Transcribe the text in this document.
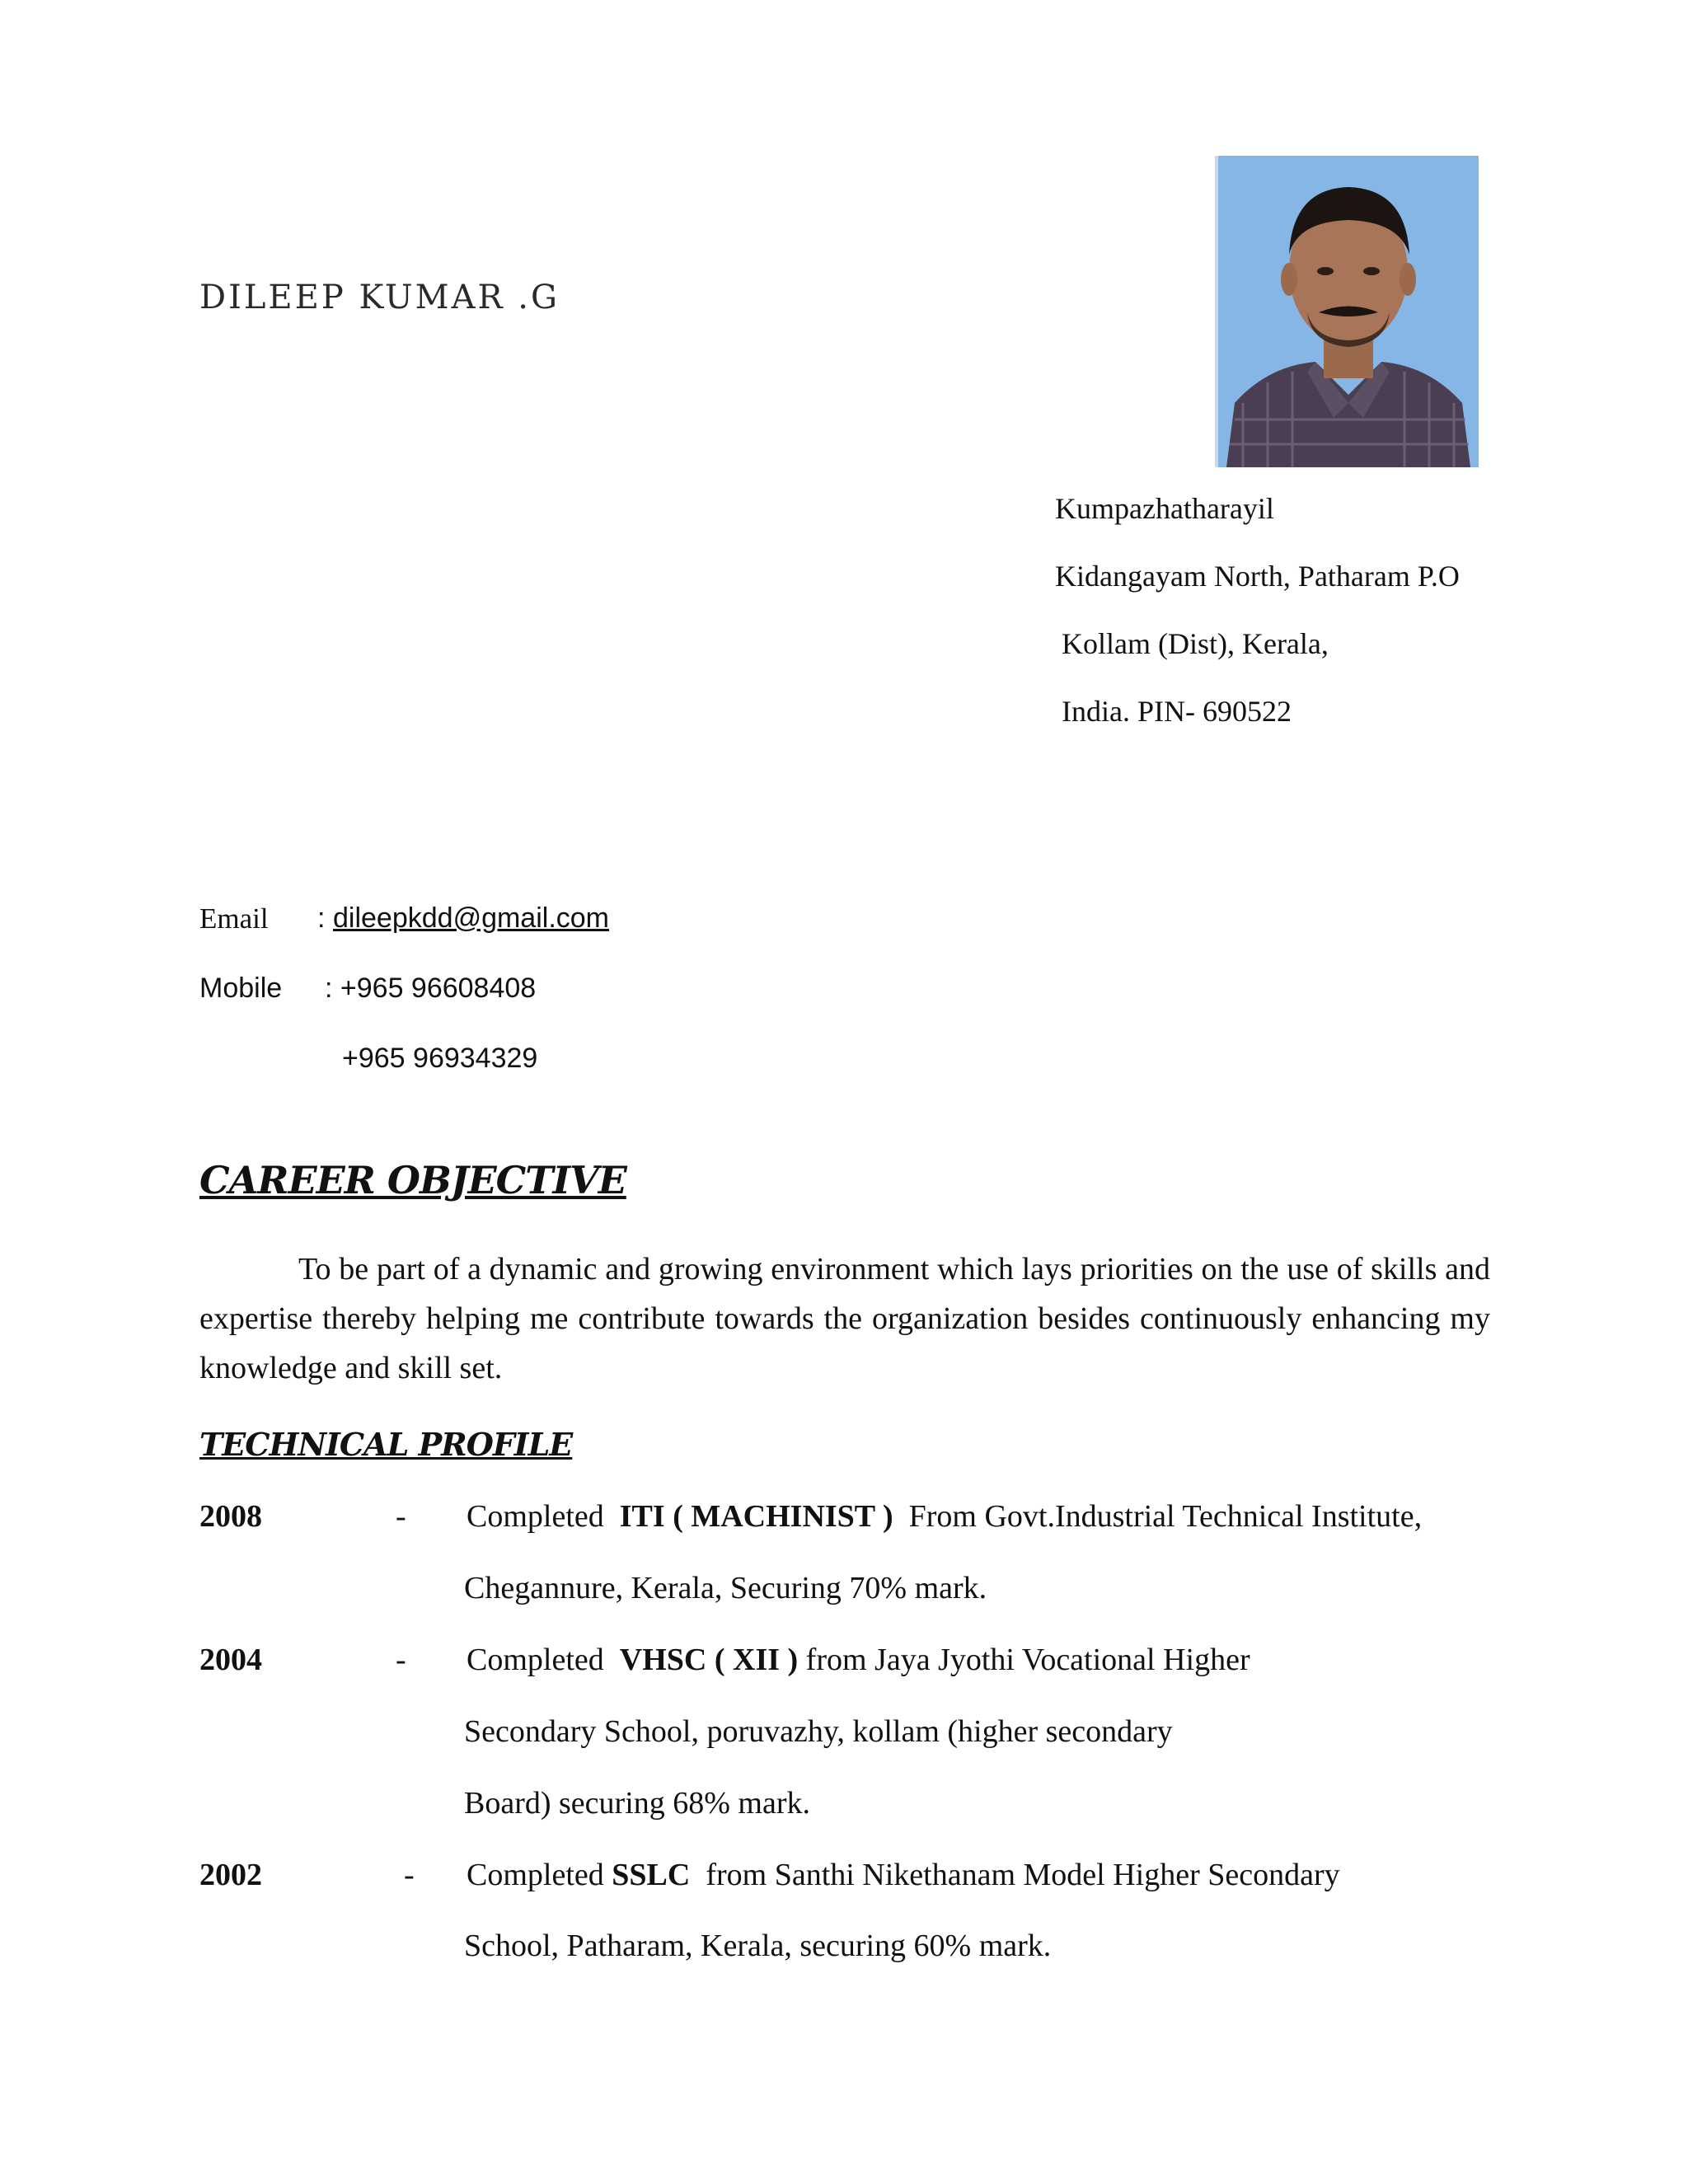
DILEEP KUMAR .G
Kumpazhatharayil
Kidangayam North, Patharam P.O
Kollam (Dist), Kerala,
India. PIN- 690522
Email : dileepkdd@gmail.com
Mobile : +965 96608408
+965 96934329
CAREER OBJECTIVE
To be part of a dynamic and growing environment which lays priorities on the use of skills and expertise thereby helping me contribute towards the organization besides continuously enhancing my knowledge and skill set.
TECHNICAL PROFILE
2008	- Completed ITI ( MACHINIST ) From Govt.Industrial Technical Institute,
Chegannure, Kerala, Securing 70% mark.
2004	- Completed VHSC ( XII ) from Jaya Jyothi Vocational Higher
Secondary School, poruvazhy, kollam (higher secondary
Board) securing 68% mark.
2002	- Completed SSLC from Santhi Nikethanam Model Higher Secondary
School, Patharam, Kerala, securing 60% mark.
